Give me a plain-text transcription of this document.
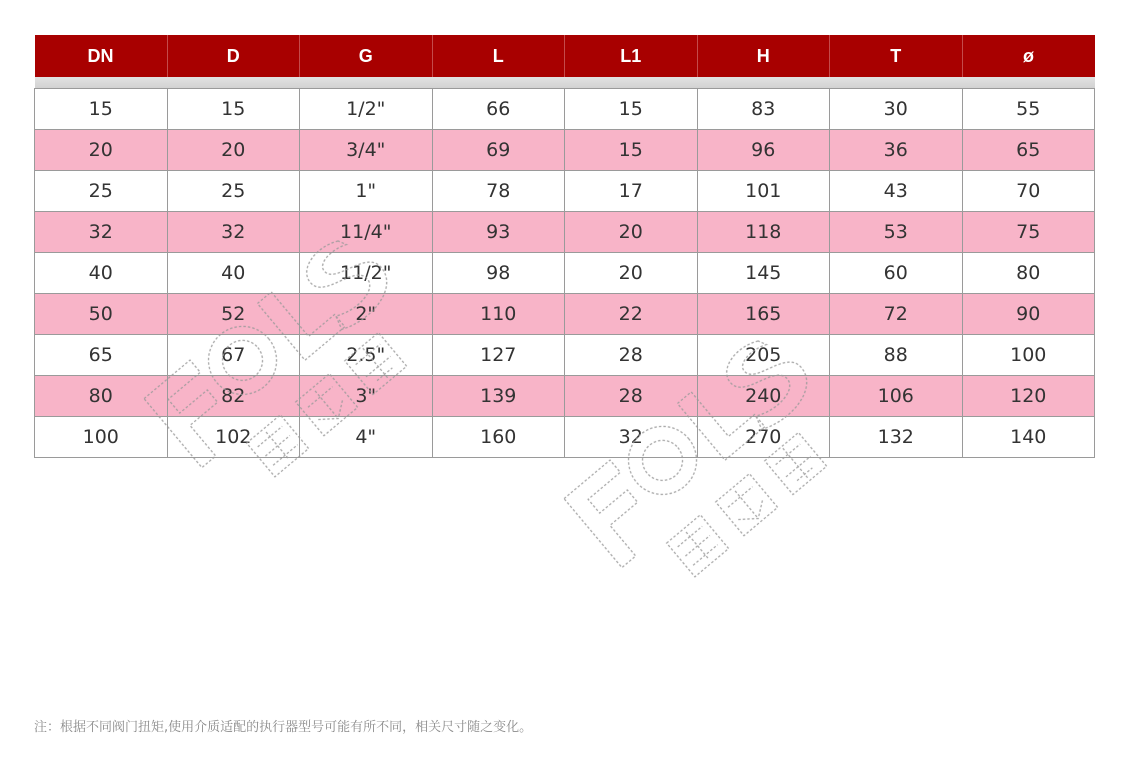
DN	D	G	L	L1	H	T	ø

15	15	1/2"	66	15	83	30	55
20	20	3/4"	69	15	96	36	65
25	25	1"	78	17	101	43	70
32	32	11/4"	93	20	118	53	75
40	40	11/2"	98	20	145	60	80
50	52	2"	110	22	165	72	90
65	67	2.5"	127	28	205	88	100
80	82	3"	139	28	240	106	120
100	102	4"	160	32	270	132	140
注：根据不同阀门扭矩,使用介质适配的执行器型号可能有所不同，相关尺寸随之变化。
